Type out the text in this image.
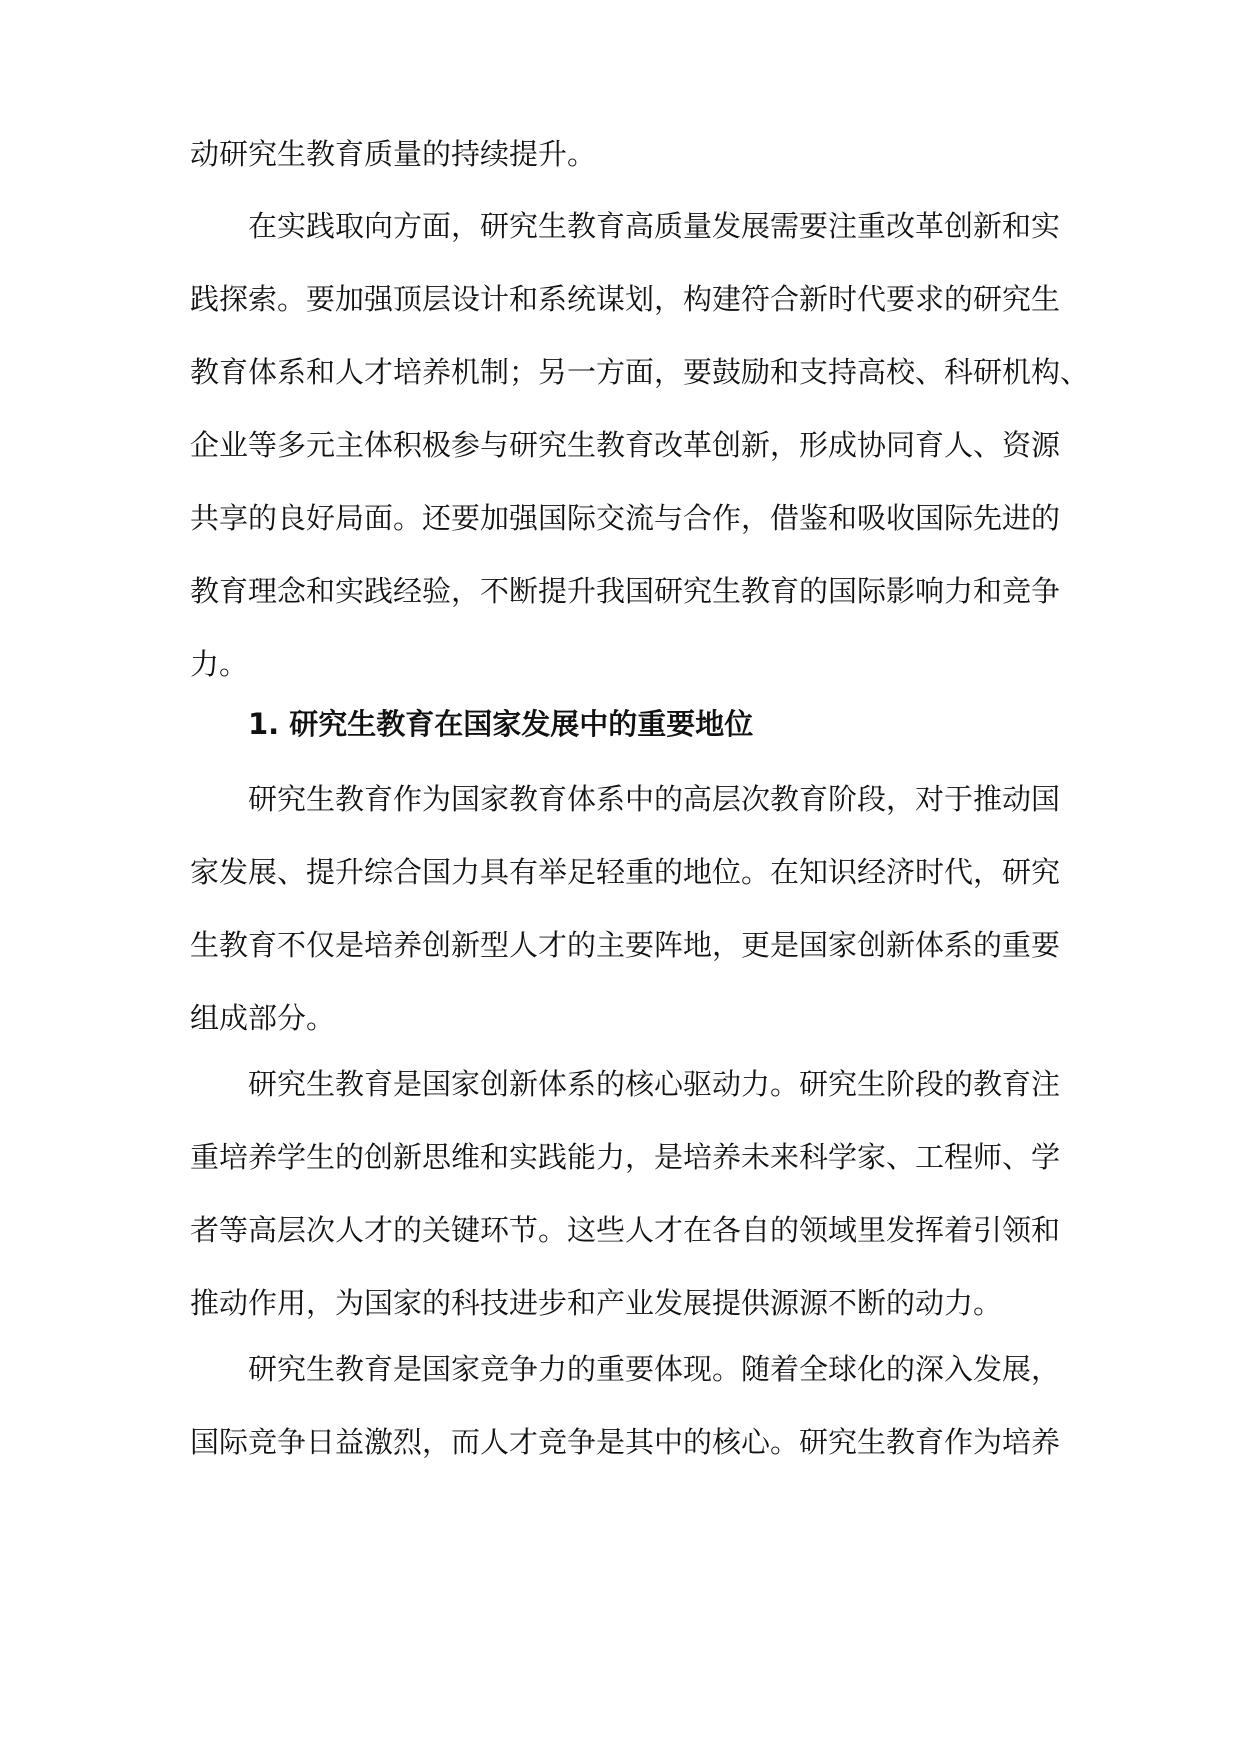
动研究生教育质量的持续提升。
在实践取向方面，研究生教育高质量发展需要注重改革创新和实
践探索。要加强顶层设计和系统谋划，构建符合新时代要求的研究生
教育体系和人才培养机制；另一方面，要鼓励和支持高校、科研机构、
企业等多元主体积极参与研究生教育改革创新，形成协同育人、资源
共享的良好局面。还要加强国际交流与合作，借鉴和吸收国际先进的
教育理念和实践经验，不断提升我国研究生教育的国际影响力和竞争
力。
1. 研究生教育在国家发展中的重要地位
研究生教育作为国家教育体系中的高层次教育阶段，对于推动国
家发展、提升综合国力具有举足轻重的地位。在知识经济时代，研究
生教育不仅是培养创新型人才的主要阵地，更是国家创新体系的重要
组成部分。
研究生教育是国家创新体系的核心驱动力。研究生阶段的教育注
重培养学生的创新思维和实践能力，是培养未来科学家、工程师、学
者等高层次人才的关键环节。这些人才在各自的领域里发挥着引领和
推动作用，为国家的科技进步和产业发展提供源源不断的动力。
研究生教育是国家竞争力的重要体现。随着全球化的深入发展，
国际竞争日益激烈，而人才竞争是其中的核心。研究生教育作为培养
